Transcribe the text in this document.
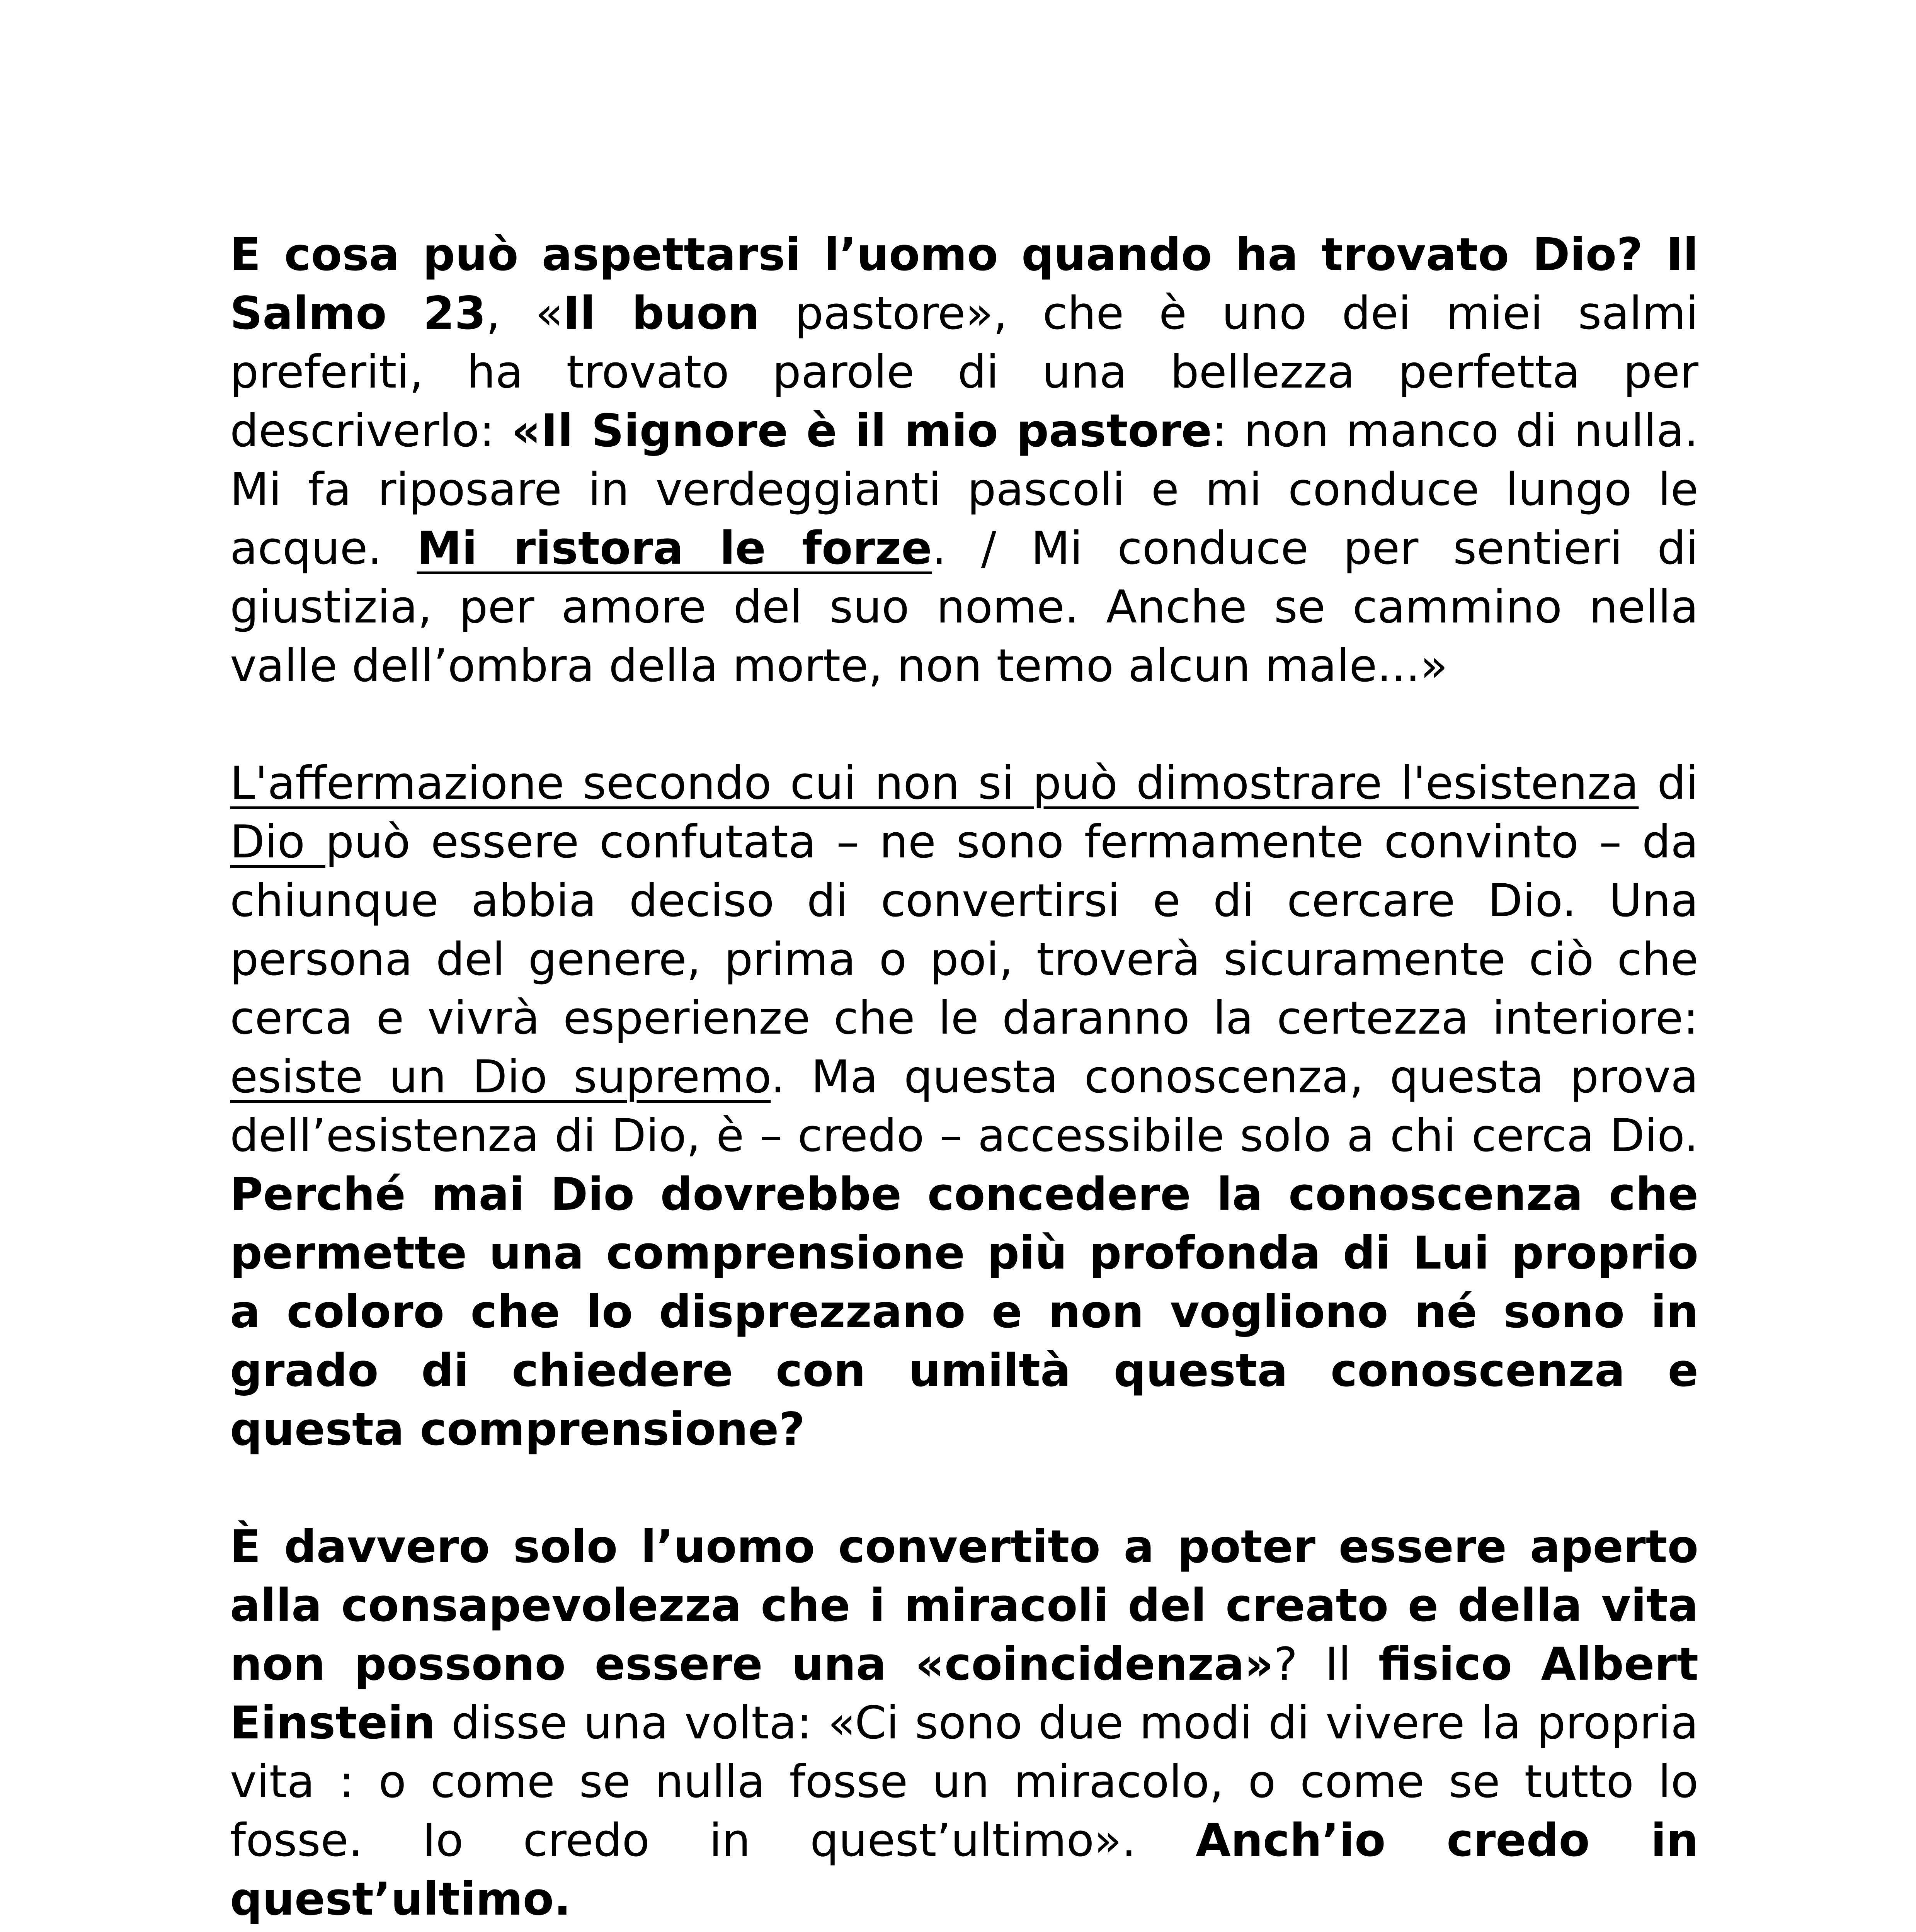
E cosa può aspettarsi l’uomo quando ha trovato Dio? Il Salmo 23, «Il buon pastore», che è uno dei miei salmi preferiti, ha trovato parole di una bellezza perfetta per descriverlo: «Il Signore è il mio pastore: non manco di nulla. Mi fa riposare in verdeggianti pascoli e mi conduce lungo le acque. Mi ristora le forze. / Mi conduce per sentieri di giustizia, per amore del suo nome. Anche se cammino nella valle dell’ombra della morte, non temo alcun male...»

L'affermazione secondo cui non si può dimostrare l'esistenza di Dio può essere confutata – ne sono fermamente convinto – da chiunque abbia deciso di convertirsi e di cercare Dio. Una persona del genere, prima o poi, troverà sicuramente ciò che cerca e vivrà esperienze che le daranno la certezza interiore: esiste un Dio supremo. Ma questa conoscenza, questa prova dell’esistenza di Dio, è – credo – accessibile solo a chi cerca Dio. Perché mai Dio dovrebbe concedere la conoscenza che permette una comprensione più profonda di Lui proprio a coloro che lo disprezzano e non vogliono né sono in grado di chiedere con umiltà questa conoscenza e questa comprensione?

È davvero solo l’uomo convertito a poter essere aperto alla consapevolezza che i miracoli del creato e della vita non possono essere una «coincidenza»? Il fisico Albert Einstein disse una volta: «Ci sono due modi di vivere la propria vita : o come se nulla fosse un miracolo, o come se tutto lo fosse. Io credo in quest’ultimo». Anch’io credo in quest’ultimo.
